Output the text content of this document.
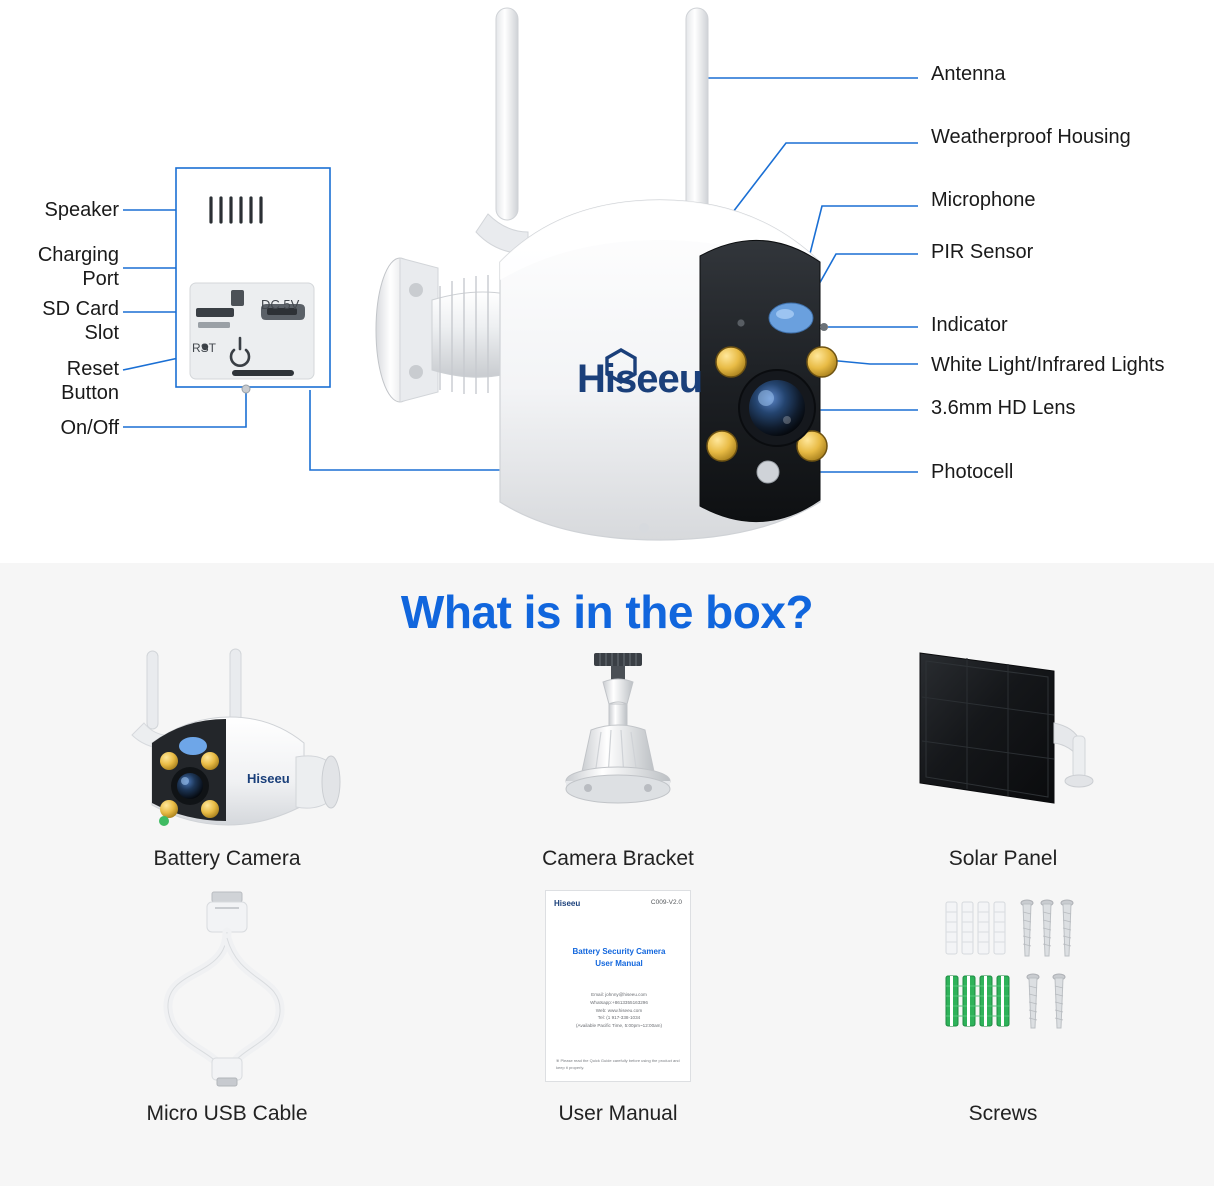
Hiseeu
DC 5V
RST
Speaker
Charging
Port
SD Card
Slot
Reset
Button
On/Off
Antenna
Weatherproof Housing
Microphone
PIR Sensor
Indicator
White Light/Infrared Lights
3.6mm HD Lens
Photocell
What is in the box?
Hiseeu
Battery Camera	Camera Bracket	Solar Panel
Micro USB Cable
Hiseeu	C009-V2.0
Battery Security Camera
User Manual
Email: johnny@hiseeu.com
Whatsapp:+8613355163296
Web: www.hiseeu.com
Tel: (1 917-338-1034
(Available Pacific Time, 5:00pm~12:00am)
※ Please read the Quick Guide carefully before using the product and keep it properly.
User Manual	Screws
